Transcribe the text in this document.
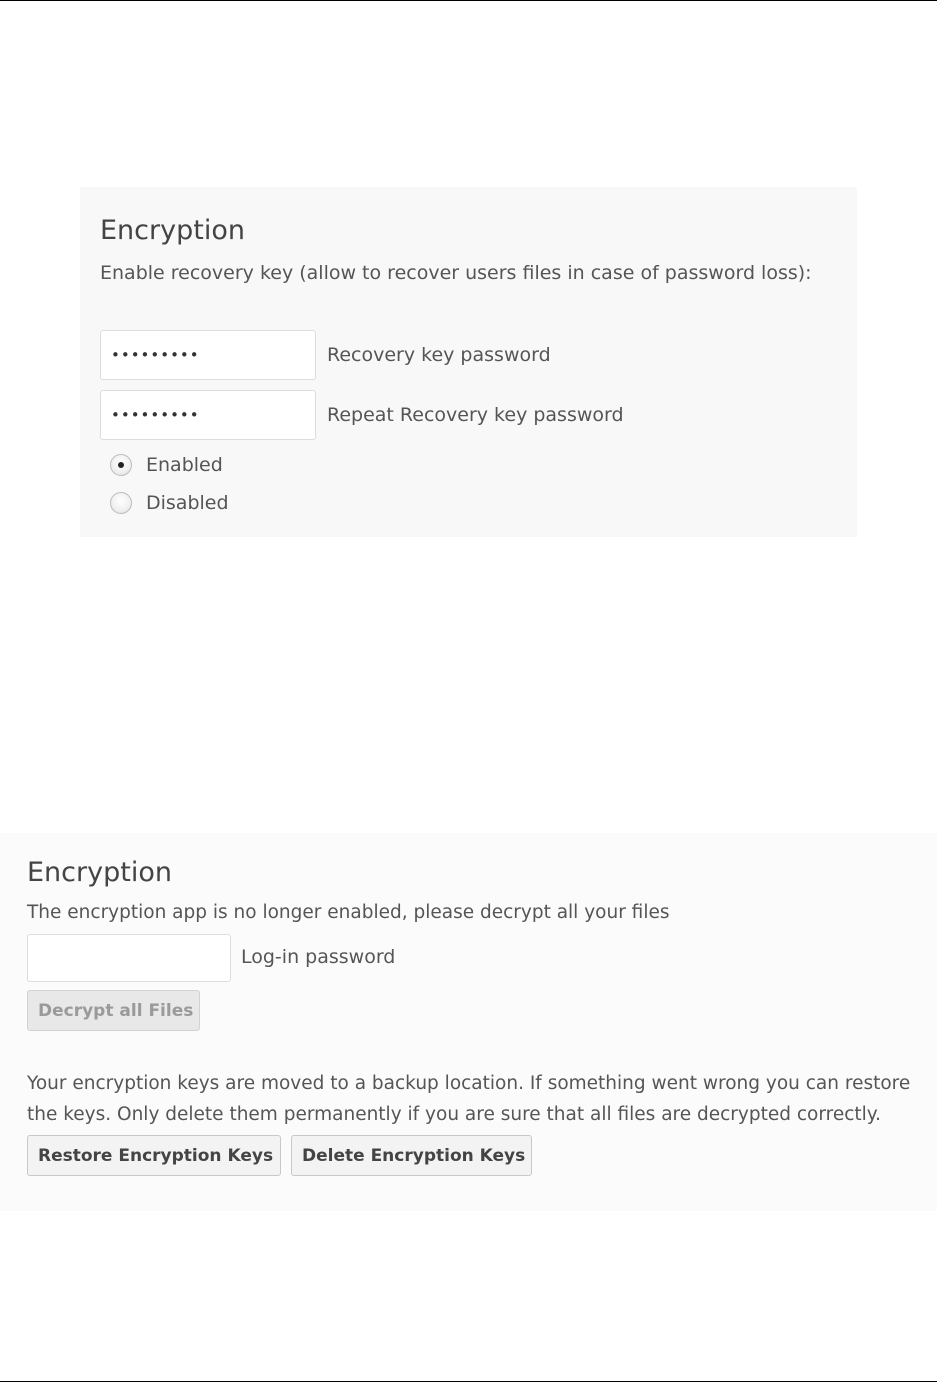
Encryption

Enable recovery key (allow to recover users files in case of password loss):

•••••••••
Recovery key password
•••••••••
Repeat Recovery key password
Enabled
Disabled
Encryption

The encryption app is no longer enabled, please decrypt all your files

Log-in password
Decrypt all Files

Your encryption keys are moved to a backup location. If something went wrong you can restore
the keys. Only delete them permanently if you are sure that all files are decrypted correctly.

Restore Encryption Keys	Delete Encryption Keys
